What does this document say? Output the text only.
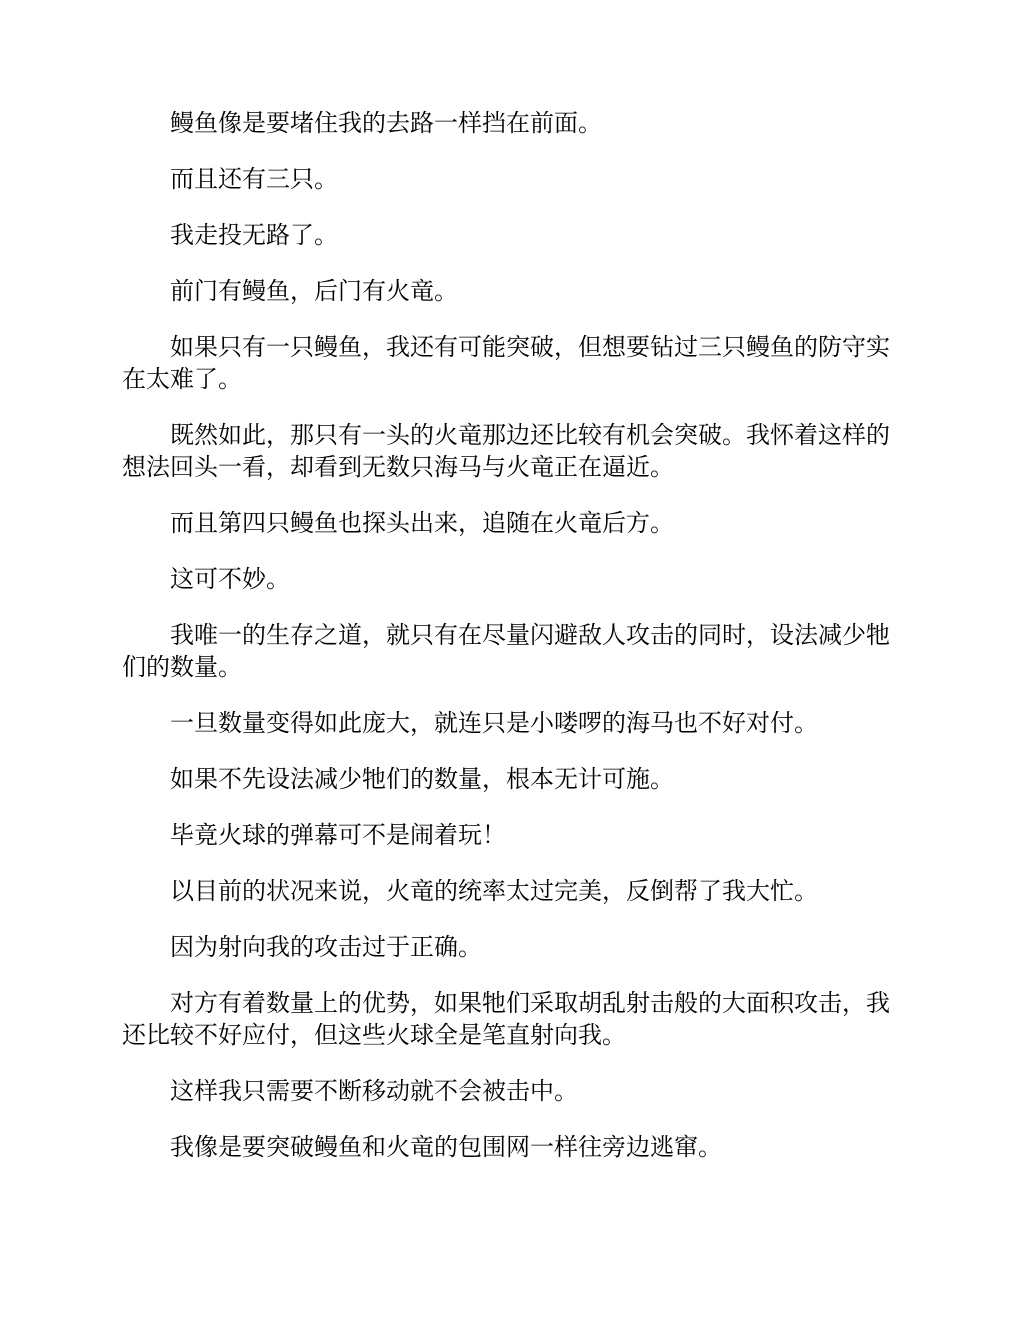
鳗鱼像是要堵住我的去路一样挡在前面。

而且还有三只。

我走投无路了。

前门有鳗鱼，后门有火竜。

如果只有一只鳗鱼，我还有可能突破，但想要钻过三只鳗鱼的防守实在太难了。

既然如此，那只有一头的火竜那边还比较有机会突破。我怀着这样的想法回头一看，却看到无数只海马与火竜正在逼近。

而且第四只鳗鱼也探头出来，追随在火竜后方。

这可不妙。

我唯一的生存之道，就只有在尽量闪避敌人攻击的同时，设法减少牠们的数量。

一旦数量变得如此庞大，就连只是小喽啰的海马也不好对付。

如果不先设法减少牠们的数量，根本无计可施。

毕竟火球的弹幕可不是闹着玩！

以目前的状况来说，火竜的统率太过完美，反倒帮了我大忙。

因为射向我的攻击过于正确。

对方有着数量上的优势，如果牠们采取胡乱射击般的大面积攻击，我还比较不好应付，但这些火球全是笔直射向我。

这样我只需要不断移动就不会被击中。

我像是要突破鳗鱼和火竜的包围网一样往旁边逃窜。
